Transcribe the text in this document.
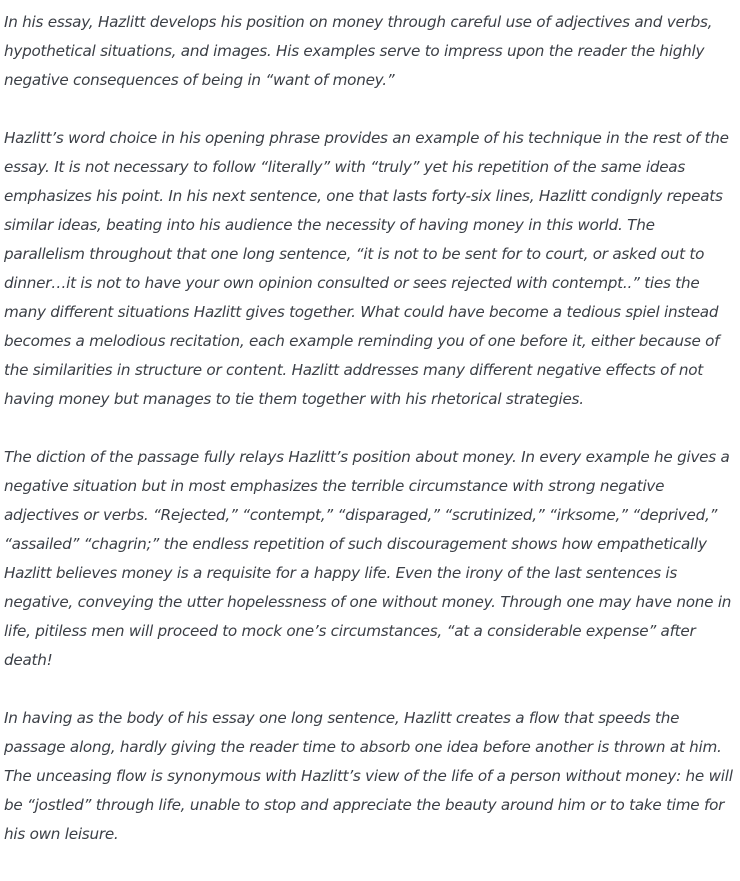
In his essay, Hazlitt develops his position on money through careful use of adjectives and verbs, hypothetical situations, and images. His examples serve to impress upon the reader the highly negative consequences of being in “want of money.”

Hazlitt’s word choice in his opening phrase provides an example of his technique in the rest of the essay. It is not necessary to follow “literally” with “truly” yet his repetition of the same ideas emphasizes his point. In his next sentence, one that lasts forty-six lines, Hazlitt condignly repeats similar ideas, beating into his audience the necessity of having money in this world. The parallelism throughout that one long sentence, “it is not to be sent for to court, or asked out to dinner…it is not to have your own opinion consulted or sees rejected with contempt..” ties the many different situations Hazlitt gives together. What could have become a tedious spiel instead becomes a melodious recitation, each example reminding you of one before it, either because of the similarities in structure or content. Hazlitt addresses many different negative effects of not having money but manages to tie them together with his rhetorical strategies.

The diction of the passage fully relays Hazlitt’s position about money. In every example he gives a negative situation but in most emphasizes the terrible circumstance with strong negative adjectives or verbs. “Rejected,” “contempt,” “disparaged,” “scrutinized,” “irksome,” “deprived,” “assailed” “chagrin;” the endless repetition of such discouragement shows how empathetically Hazlitt believes money is a requisite for a happy life. Even the irony of the last sentences is negative, conveying the utter hopelessness of one without money. Through one may have none in life, pitiless men will proceed to mock one’s circumstances, “at a considerable expense” after death!

In having as the body of his essay one long sentence, Hazlitt creates a flow that speeds the passage along, hardly giving the reader time to absorb one idea before another is thrown at him. The unceasing flow is synonymous with Hazlitt’s view of the life of a person without money: he will be “jostled” through life, unable to stop and appreciate the beauty around him or to take time for his own leisure.
